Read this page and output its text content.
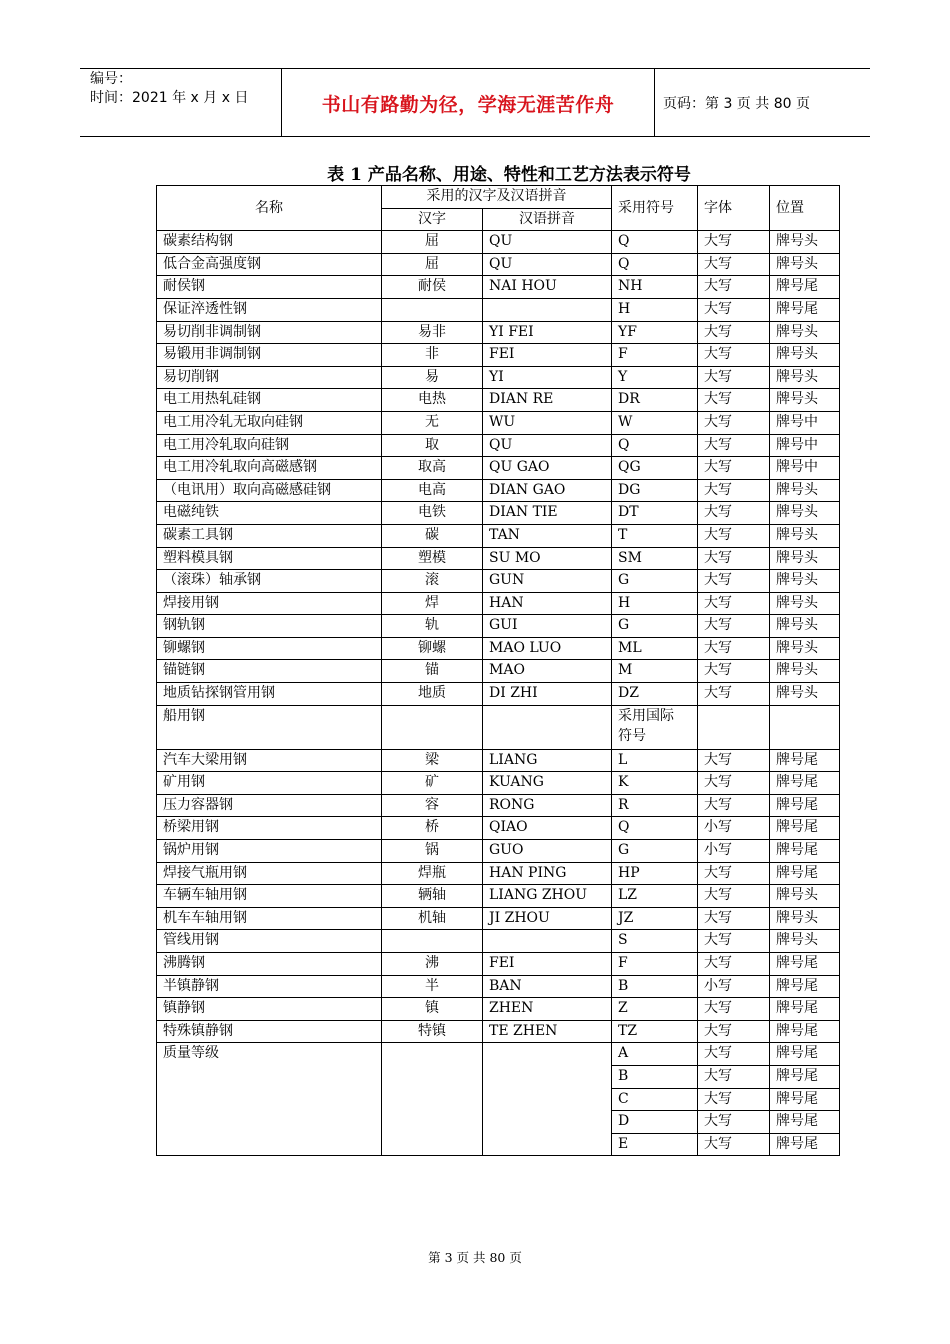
编号：
时间：2021 年 x 月 x 日	书山有路勤为径，学海无涯苦作舟	页码：第 3 页 共 80 页
表 1 产品名称、用途、特性和工艺方法表示符号
名称	采用的汉字及汉语拼音		采用符号	字体	位置
	汉字	汉语拼音			
碳素结构钢	屈	QU	Q	大写	牌号头
低合金高强度钢	屈	QU	Q	大写	牌号头
耐侯钢	耐侯	NAI HOU	NH	大写	牌号尾
保证淬透性钢			H	大写	牌号尾
易切削非调制钢	易非	YI FEI	YF	大写	牌号头
易锻用非调制钢	非	FEI	F	大写	牌号头
易切削钢	易	YI	Y	大写	牌号头
电工用热轧硅钢	电热	DIAN RE	DR	大写	牌号头
电工用冷轧无取向硅钢	无	WU	W	大写	牌号中
电工用冷轧取向硅钢	取	QU	Q	大写	牌号中
电工用冷轧取向高磁感钢	取高	QU GAO	QG	大写	牌号中
（电讯用）取向高磁感硅钢	电高	DIAN GAO	DG	大写	牌号头
电磁纯铁	电铁	DIAN TIE	DT	大写	牌号头
碳素工具钢	碳	TAN	T	大写	牌号头
塑料模具钢	塑模	SU MO	SM	大写	牌号头
（滚珠）轴承钢	滚	GUN	G	大写	牌号头
焊接用钢	焊	HAN	H	大写	牌号头
钢轨钢	轨	GUI	G	大写	牌号头
铆螺钢	铆螺	MAO LUO	ML	大写	牌号头
锚链钢	锚	MAO	M	大写	牌号头
地质钻探钢管用钢	地质	DI ZHI	DZ	大写	牌号头
船用钢			采用国际
符号		

汽车大梁用钢	梁	LIANG	L	大写	牌号尾
矿用钢	矿	KUANG	K	大写	牌号尾
压力容器钢	容	RONG	R	大写	牌号尾
桥梁用钢	桥	QIAO	Q	小写	牌号尾
锅炉用钢	锅	GUO	G	小写	牌号尾
焊接气瓶用钢	焊瓶	HAN PING	HP	大写	牌号尾
车辆车轴用钢	辆轴	LIANG ZHOU	LZ	大写	牌号头
机车车轴用钢	机轴	JI ZHOU	JZ	大写	牌号头
管线用钢			S	大写	牌号头
沸腾钢	沸	FEI	F	大写	牌号尾
半镇静钢	半	BAN	B	小写	牌号尾
镇静钢	镇	ZHEN	Z	大写	牌号尾
特殊镇静钢	特镇	TE ZHEN	TZ	大写	牌号尾
质量等级			A	大写	牌号尾
			B	大写	牌号尾
			C	大写	牌号尾
			D	大写	牌号尾
			E	大写	牌号尾
第 3 页 共 80 页
